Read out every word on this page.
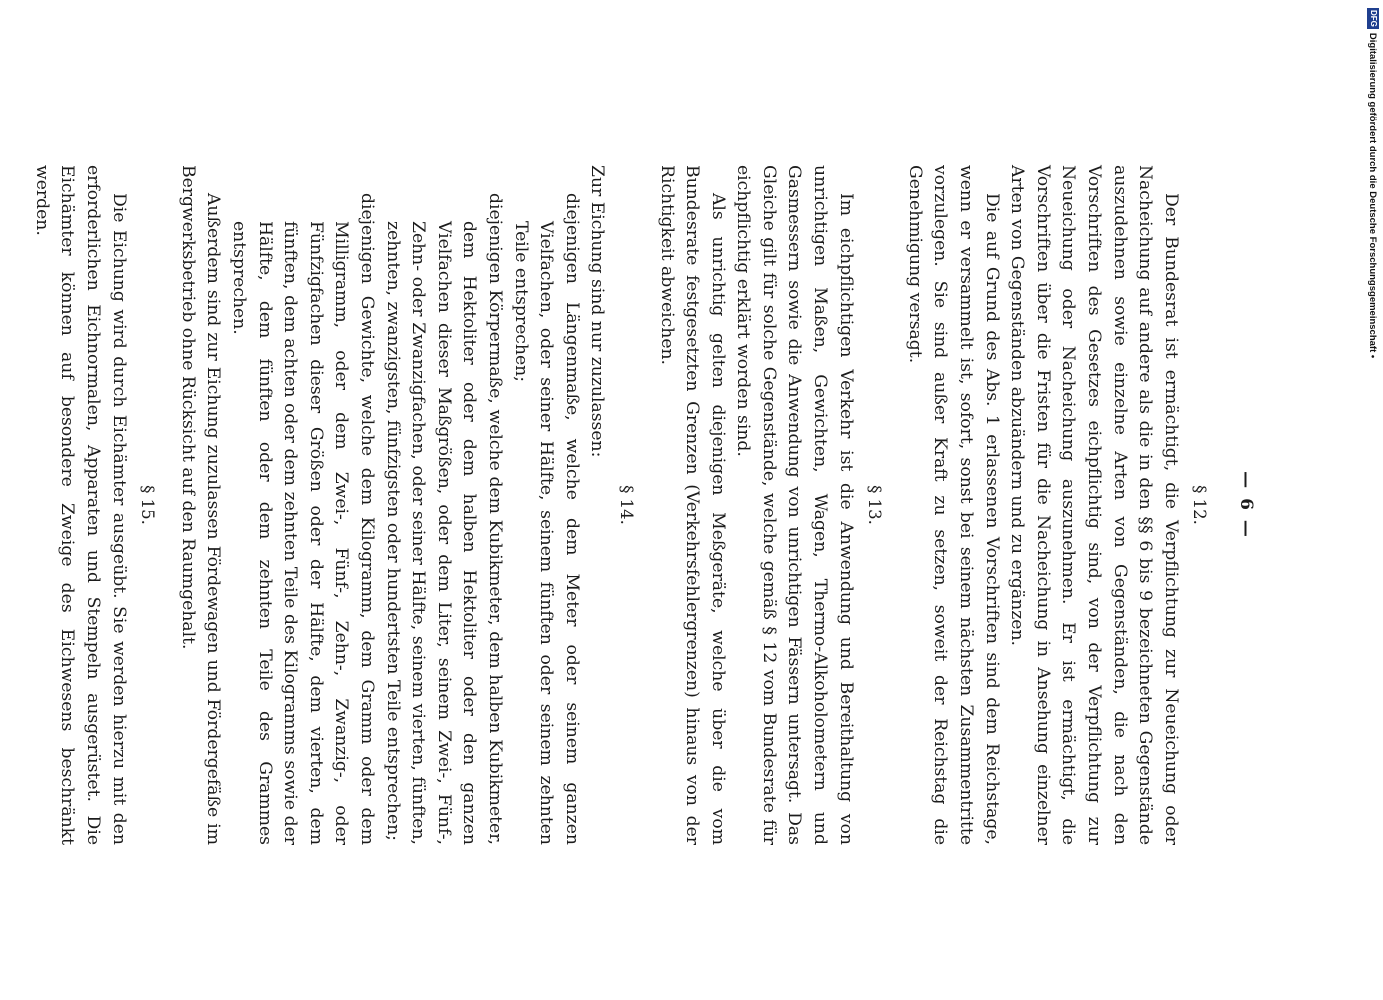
— 6 —
§ 12.

Der Bundesrat ist ermächtigt, die Verpflichtung zur Neueichung oder Nacheichung auf andere als die in den §§ 6 bis 9 bezeichneten Gegenstände auszudehnen sowie einzelne Arten von Gegenständen, die nach den Vorschriften des Gesetzes eichpflichtig sind, von der Verpflichtung zur Neueichung oder Nacheichung auszunehmen. Er ist ermächtigt, die Vorschriften über die Fristen für die Nacheichung in Ansehung einzelner Arten von Gegenständen abzuändern und zu ergänzen.

Die auf Grund des Abs. 1 erlassenen Vorschriften sind dem Reichstage, wenn er versammelt ist, sofort, sonst bei seinem nächsten Zusammentritte vorzulegen. Sie sind außer Kraft zu setzen, soweit der Reichstag die Genehmigung versagt.

§ 13.

Im eichpflichtigen Verkehr ist die Anwendung und Bereithaltung von unrichtigen Maßen, Gewichten, Wagen, Thermo-Alkoholometern und Gasmessern sowie die Anwendung von unrichtigen Fässern untersagt. Das Gleiche gilt für solche Gegenstände, welche gemäß § 12 vom Bundesrate für eichpflichtig erklärt worden sind.

Als unrichtig gelten diejenigen Meßgeräte, welche über die vom Bundesrate festgesetzten Grenzen (Verkehrsfehlergrenzen) hinaus von der Richtigkeit abweichen.

§ 14.

Zur Eichung sind nur zuzulassen:

diejenigen Längenmaße, welche dem Meter oder seinem ganzen Vielfachen, oder seiner Hälfte, seinem fünften oder seinem zehnten Teile entsprechen;

diejenigen Körpermaße, welche dem Kubikmeter, dem halben Kubikmeter, dem Hektoliter oder dem halben Hektoliter oder den ganzen Vielfachen dieser Maßgrößen, oder dem Liter, seinem Zwei-, Fünf-, Zehn- oder Zwanzigfachen, oder seiner Hälfte, seinem vierten, fünften, zehnten, zwanzigsten, fünfzigsten oder hundertsten Teile entsprechen;

diejenigen Gewichte, welche dem Kilogramm, dem Gramm oder dem Milligramm, oder dem Zwei-, Fünf-, Zehn-, Zwanzig-, oder Fünfzigfachen dieser Größen oder der Hälfte, dem vierten, dem fünften, dem achten oder dem zehnten Teile des Kilogramms sowie der Hälfte, dem fünften oder dem zehnten Teile des Grammes entsprechen.

Außerdem sind zur Eichung zuzulassen Fördewagen und Fördergefäße im Bergwerksbetrieb ohne Rücksicht auf den Raumgehalt.

§ 15.

Die Eichung wird durch Eichämter ausgeübt. Sie werden hierzu mit den erforderlichen Eichnormalen, Apparaten und Stempeln ausgerüstet. Die Eichämter können auf besondere Zweige des Eichwesens beschränkt werden.	Digitalisierung gefördert durch die Deutsche Forschungsgemeinschaft •
DFG
